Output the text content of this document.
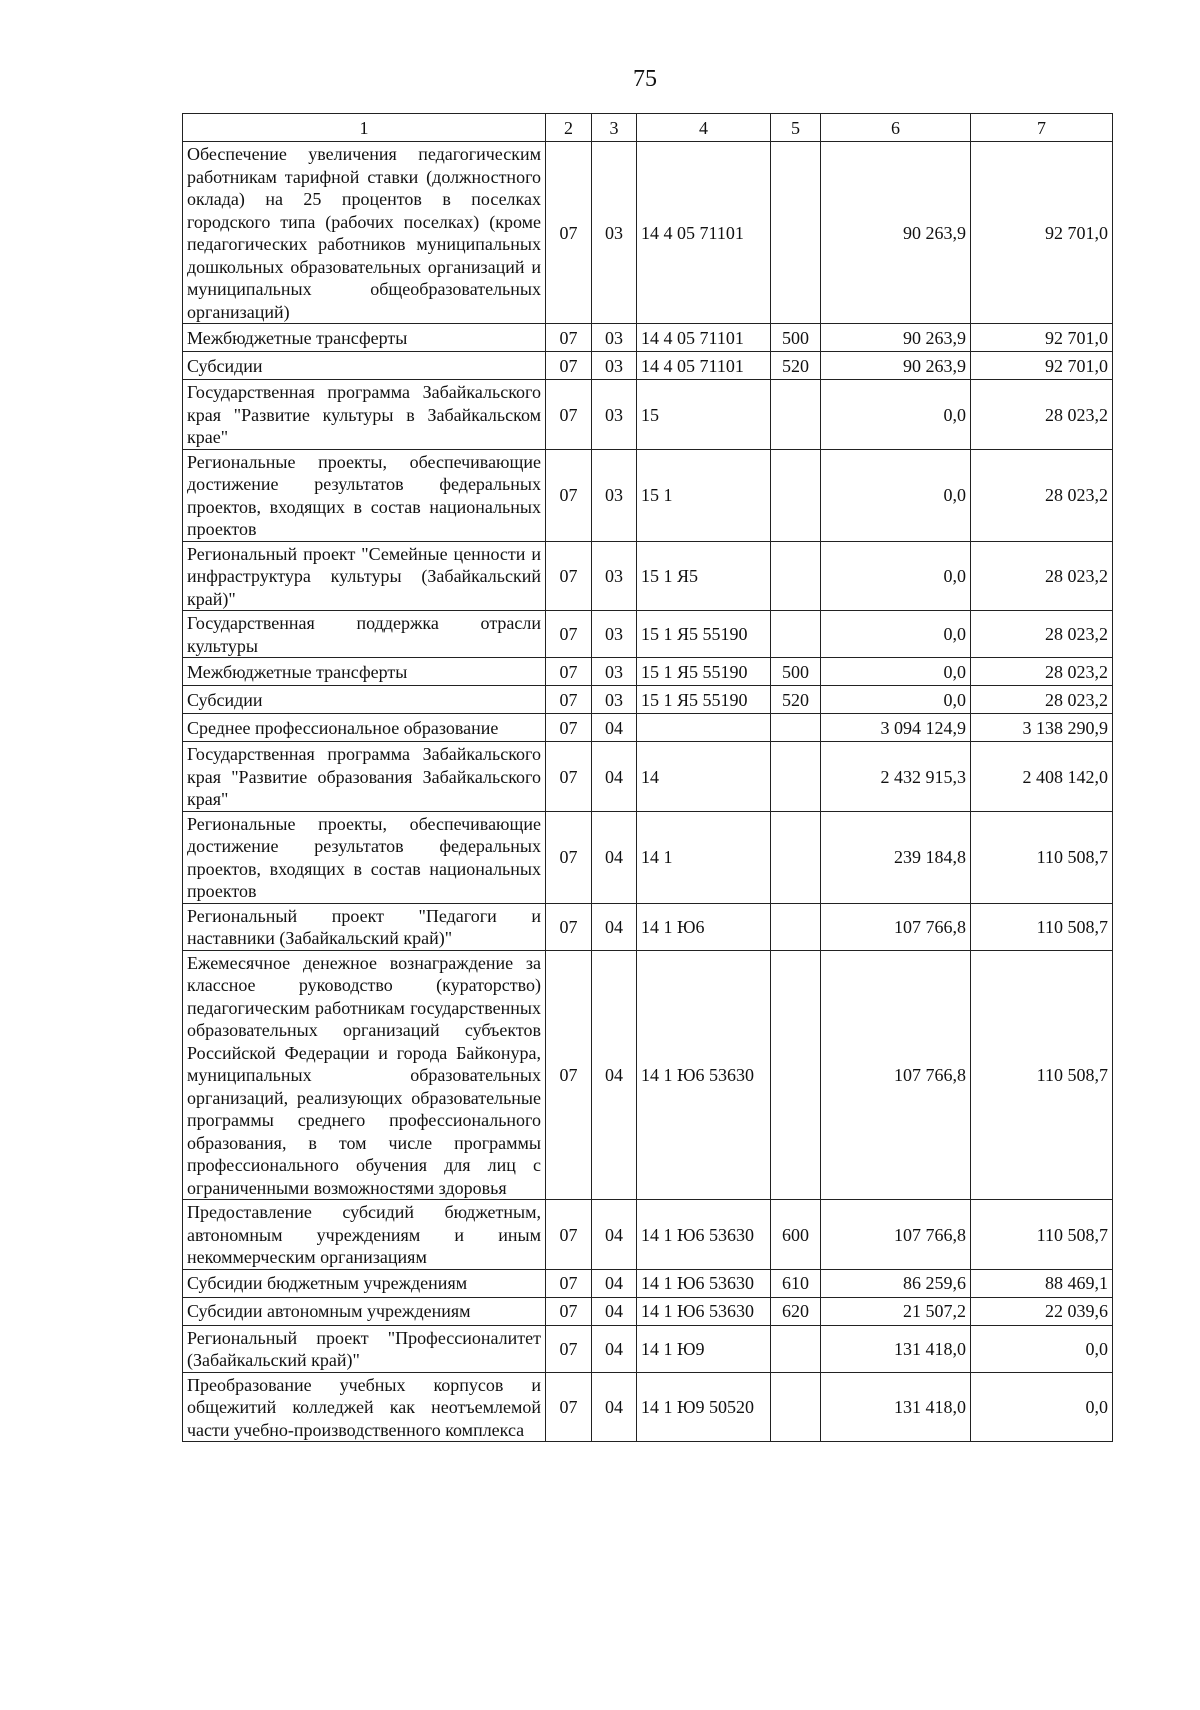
75
1	2	3	4	5	6	7
Обеспечение увеличения педагогическим работникам тарифной ставки (должностного оклада) на 25 процентов в поселках городского типа (рабочих поселках) (кроме педагогических работников муниципальных дошкольных образовательных организаций и муниципальных общеобразовательных организаций)	07	03	14 4 05 71101		90 263,9	92 701,0
Межбюджетные трансферты	07	03	14 4 05 71101	500	90 263,9	92 701,0
Субсидии	07	03	14 4 05 71101	520	90 263,9	92 701,0
Государственная программа Забайкальского края "Развитие культуры в Забайкальском крае"	07	03	15		0,0	28 023,2
Региональные проекты, обеспечивающие достижение результатов федеральных проектов, входящих в состав национальных проектов	07	03	15 1		0,0	28 023,2
Региональный проект "Семейные ценности и инфраструктура культуры (Забайкальский край)"	07	03	15 1 Я5		0,0	28 023,2
Государственная поддержка отрасли культуры	07	03	15 1 Я5 55190		0,0	28 023,2
Межбюджетные трансферты	07	03	15 1 Я5 55190	500	0,0	28 023,2
Субсидии	07	03	15 1 Я5 55190	520	0,0	28 023,2
Среднее профессиональное образование	07	04			3 094 124,9	3 138 290,9
Государственная программа Забайкальского края "Развитие образования Забайкальского края"	07	04	14		2 432 915,3	2 408 142,0
Региональные проекты, обеспечивающие достижение результатов федеральных проектов, входящих в состав национальных проектов	07	04	14 1		239 184,8	110 508,7
Региональный проект "Педагоги и наставники (Забайкальский край)"	07	04	14 1 Ю6		107 766,8	110 508,7
Ежемесячное денежное вознаграждение за классное руководство (кураторство) педагогическим работникам государственных образовательных организаций субъектов Российской Федерации и города Байконура, муниципальных образовательных организаций, реализующих образовательные программы среднего профессионального образования, в том числе программы профессионального обучения для лиц с ограниченными возможностями здоровья	07	04	14 1 Ю6 53630		107 766,8	110 508,7
Предоставление субсидий бюджетным, автономным учреждениям и иным некоммерческим организациям	07	04	14 1 Ю6 53630	600	107 766,8	110 508,7
Субсидии бюджетным учреждениям	07	04	14 1 Ю6 53630	610	86 259,6	88 469,1
Субсидии автономным учреждениям	07	04	14 1 Ю6 53630	620	21 507,2	22 039,6
Региональный проект "Профессионалитет (Забайкальский край)"	07	04	14 1 Ю9		131 418,0	0,0
Преобразование учебных корпусов и общежитий колледжей как неотъемлемой части учебно-производственного комплекса	07	04	14 1 Ю9 50520		131 418,0	0,0
